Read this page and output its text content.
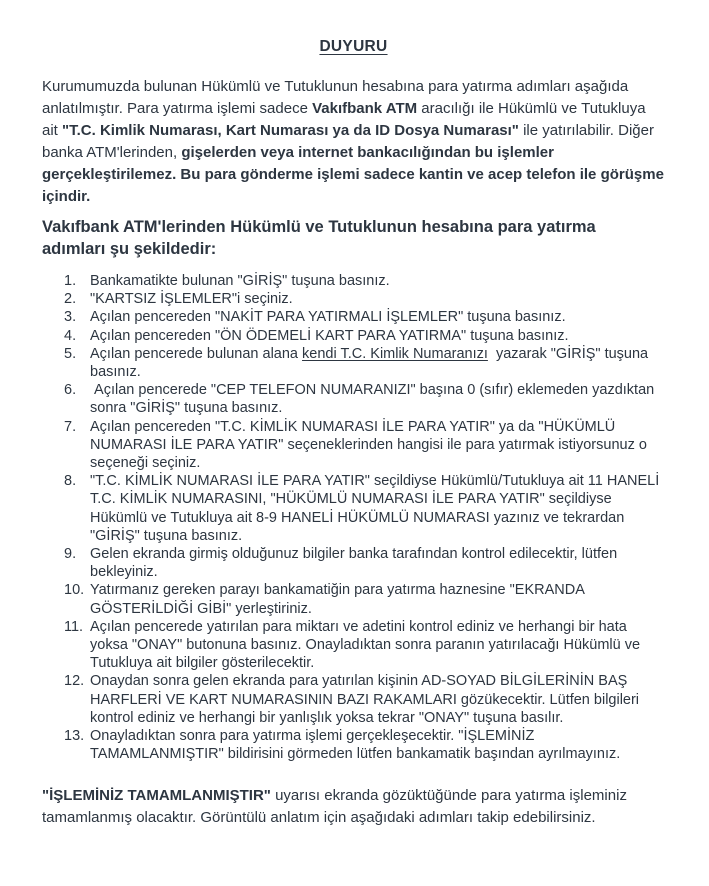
DUYURU

Kurumumuzda bulunan Hükümlü ve Tutuklunun hesabına para yatırma adımları aşağıda anlatılmıştır. Para yatırma işlemi sadece Vakıfbank ATM aracılığı ile Hükümlü ve Tutukluya ait "T.C. Kimlik Numarası, Kart Numarası ya da ID Dosya Numarası" ile yatırılabilir. Diğer banka ATM'lerinden, gişelerden veya internet bankacılığından bu işlemler gerçekleştirilemez. Bu para gönderme işlemi sadece kantin ve acep telefon ile görüşme içindir.

Vakıfbank ATM'lerinden Hükümlü ve Tutuklunun hesabına para yatırma adımları şu şekildedir:
1. Bankamatikte bulunan "GİRİŞ" tuşuna basınız.
2. "KARTSIZ İŞLEMLER"i seçiniz.
3. Açılan pencereden "NAKİT PARA YATIRMALI İŞLEMLER" tuşuna basınız.
4. Açılan pencereden "ÖN ÖDEMELİ KART PARA YATIRMA" tuşuna basınız.
5. Açılan pencerede bulunan alana kendi T.C. Kimlik Numaranızı  yazarak "GİRİŞ" tuşuna basınız.
6. Açılan pencerede "CEP TELEFON NUMARANIZI" başına 0 (sıfır) eklemeden yazdıktan sonra "GİRİŞ" tuşuna basınız.
7. Açılan pencereden "T.C. KİMLİK NUMARASI İLE PARA YATIR" ya da "HÜKÜMLÜ NUMARASI İLE PARA YATIR" seçeneklerinden hangisi ile para yatırmak istiyorsunuz o seçeneği seçiniz.
8. "T.C. KİMLİK NUMARASI İLE PARA YATIR" seçildiyse Hükümlü/Tutukluya ait 11 HANELİ T.C. KİMLİK NUMARASINI, "HÜKÜMLÜ NUMARASI İLE PARA YATIR" seçildiyse Hükümlü ve Tutukluya ait 8-9 HANELİ HÜKÜMLÜ NUMARASI yazınız ve tekrardan "GİRİŞ" tuşuna basınız.
9. Gelen ekranda girmiş olduğunuz bilgiler banka tarafından kontrol edilecektir, lütfen bekleyiniz.
10. Yatırmanız gereken parayı bankamatiğin para yatırma haznesine "EKRANDA GÖSTERİLDİĞİ GİBİ" yerleştiriniz.
11. Açılan pencerede yatırılan para miktarı ve adetini kontrol ediniz ve herhangi bir hata yoksa "ONAY" butonuna basınız. Onayladıktan sonra paranın yatırılacağı Hükümlü ve Tutukluya ait bilgiler gösterilecektir.
12. Onaydan sonra gelen ekranda para yatırılan kişinin AD-SOYAD BİLGİLERİNİN BAŞ HARFLERİ VE KART NUMARASININ BAZI RAKAMLARI gözükecektir. Lütfen bilgileri kontrol ediniz ve herhangi bir yanlışlık yoksa tekrar "ONAY" tuşuna basılır.
13. Onayladıktan sonra para yatırma işlemi gerçekleşecektir. "İŞLEMİNİZ TAMAMLANMIŞTIR" bildirisini görmeden lütfen bankamatik başından ayrılmayınız.

"İŞLEMİNİZ TAMAMLANMIŞTIR" uyarısı ekranda gözüktüğünde para yatırma işleminiz tamamlanmış olacaktır. Görüntülü anlatım için aşağıdaki adımları takip edebilirsiniz.
